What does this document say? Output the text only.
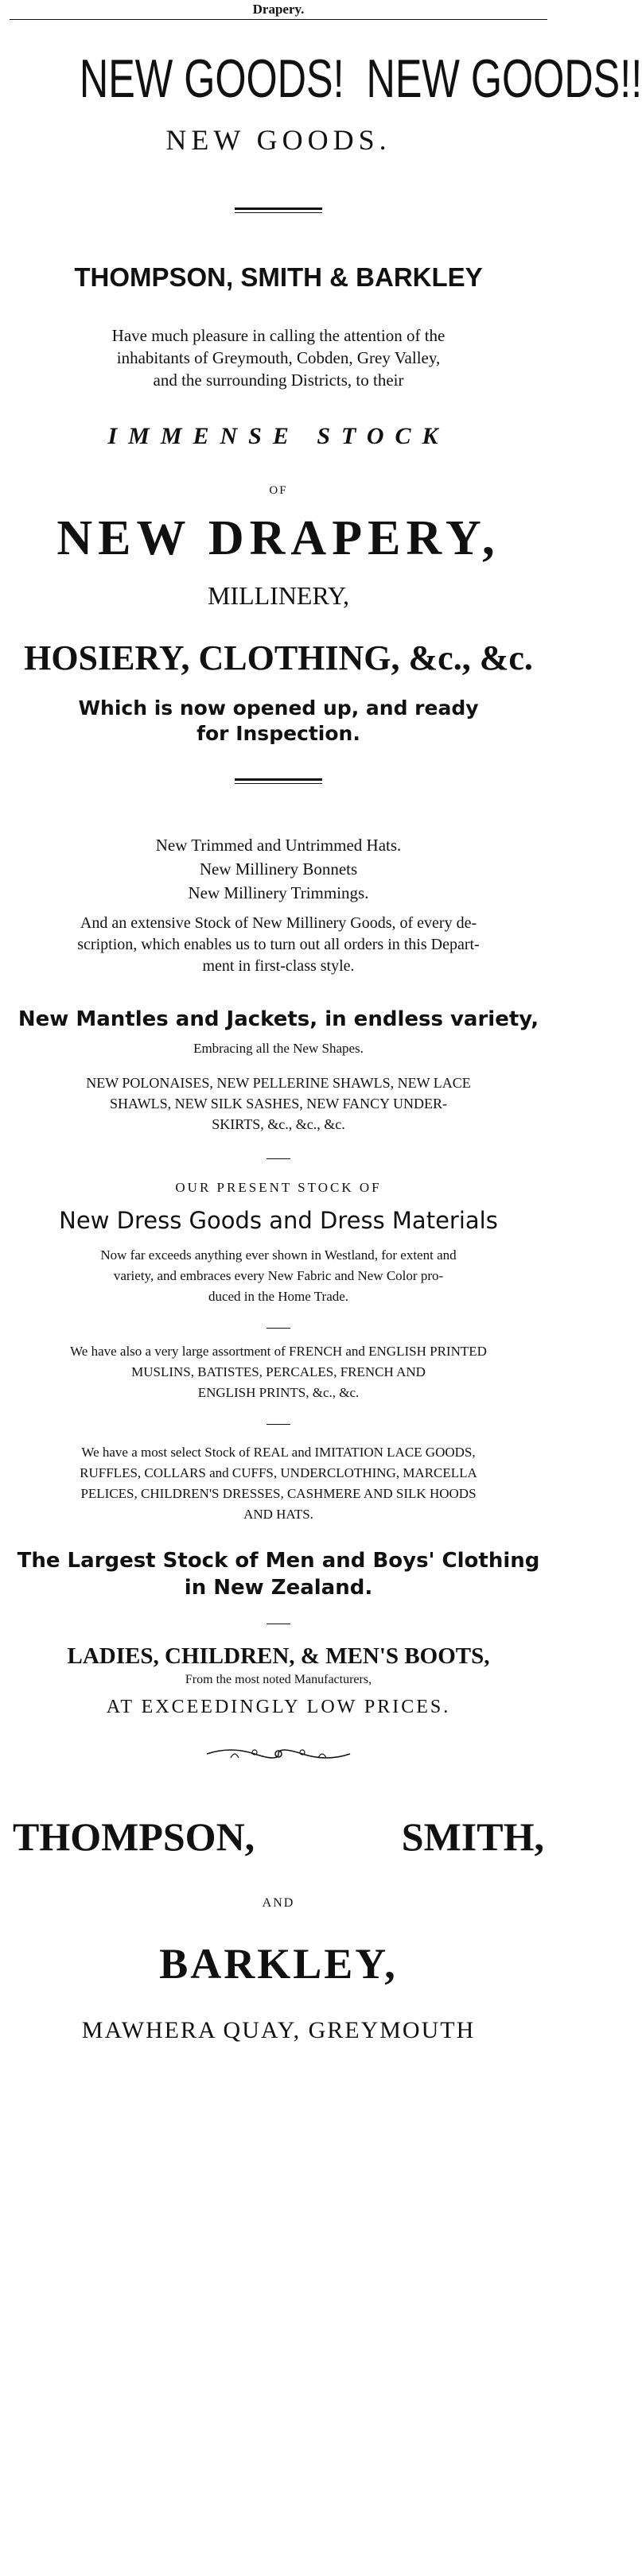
Drapery.
NEW GOODS!  NEW GOODS!!
NEW GOODS.
THOMPSON, SMITH & BARKLEY
Have much pleasure in calling the attention of the
inhabitants of Greymouth, Cobden, Grey Valley,
and the surrounding Districts, to their
IMMENSE STOCK
OF
NEW DRAPERY,
MILLINERY,
HOSIERY, CLOTHING, &c., &c.
Which is now opened up, and ready
for Inspection.
New Trimmed and Untrimmed Hats.
New Millinery Bonnets
New Millinery Trimmings.
And an extensive Stock of New Millinery Goods, of every de-
scription, which enables us to turn out all orders in this Depart-
ment in first-class style.
New Mantles and Jackets, in endless variety,
Embracing all the New Shapes.
NEW POLONAISES, NEW PELLERINE SHAWLS, NEW LACE
SHAWLS, NEW SILK SASHES, NEW FANCY UNDER-
SKIRTS, &c., &c., &c.
OUR PRESENT STOCK OF
New Dress Goods and Dress Materials
Now far exceeds anything ever shown in Westland, for extent and
variety, and embraces every New Fabric and New Color pro-
duced in the Home Trade.
We have also a very large assortment of FRENCH and ENGLISH PRINTED
MUSLINS, BATISTES, PERCALES, FRENCH AND
ENGLISH PRINTS, &c., &c.
We have a most select Stock of REAL and IMITATION LACE GOODS,
RUFFLES, COLLARS and CUFFS, UNDERCLOTHING, MARCELLA
PELICES, CHILDREN'S DRESSES, CASHMERE AND SILK HOODS
AND HATS.
The Largest Stock of Men and Boys' Clothing
in New Zealand.
LADIES, CHILDREN, & MEN'S BOOTS,
From the most noted Manufacturers,
AT EXCEEDINGLY LOW PRICES.
THOMPSON,	SMITH,
AND
BARKLEY,
MAWHERA QUAY, GREYMOUTH
